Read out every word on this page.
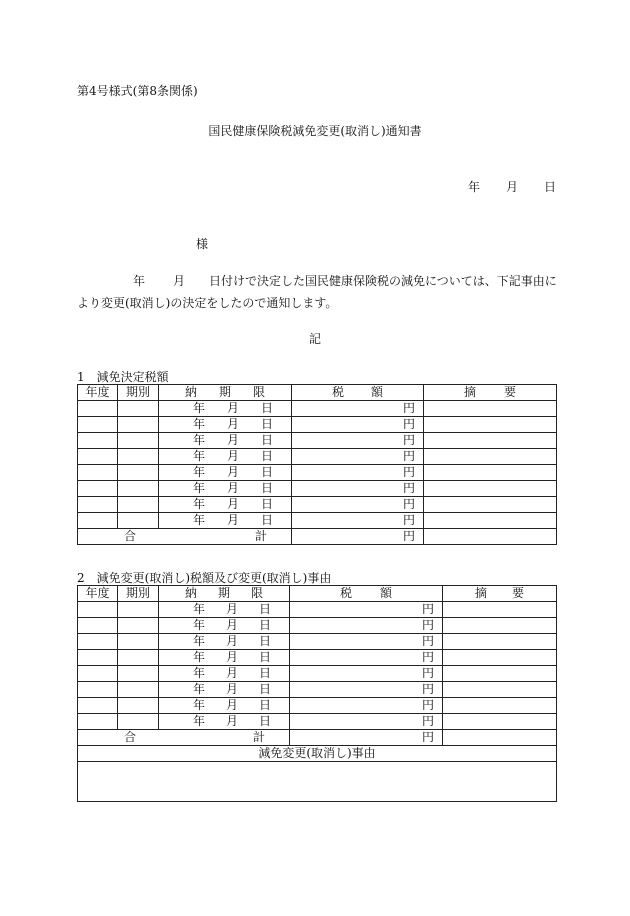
第4号様式(第8条関係)
国民健康保険税減免変更(取消し)通知書
年 月 日
様
年 月 日付けで決定した国民健康保険税の減免については、下記事由により変更(取消し)の決定をしたので通知します。
記
1　減免決定税額
年度	期別	納 期 限	税 額	摘 要

		年 月 日	円	

		年 月 日	円	

		年 月 日	円	

		年 月 日	円	

		年 月 日	円	

		年 月 日	円	

		年 月 日	円	

		年 月 日	円	

合 計			円	
2　減免変更(取消し)税額及び変更(取消し)事由
年度	期別	納 期 限	税 額	摘 要

		年 月 日	円	

		年 月 日	円	

		年 月 日	円	

		年 月 日	円	

		年 月 日	円	

		年 月 日	円	

		年 月 日	円	

		年 月 日	円	

合 計			円	
減免変更(取消し)事由				
